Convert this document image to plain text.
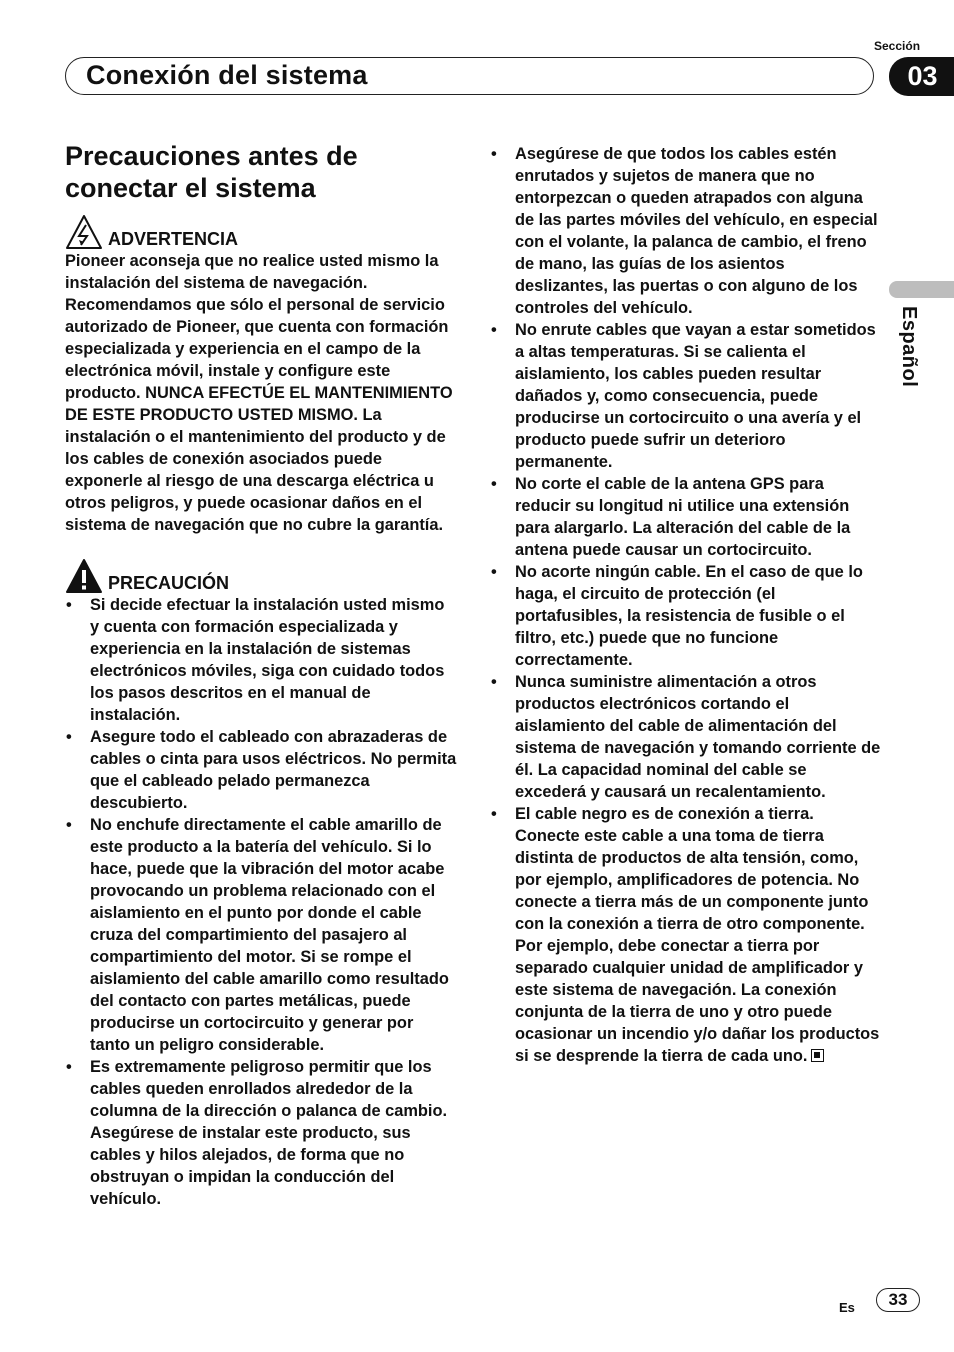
Sección
Conexión del sistema	03
Español
Precauciones antes de conectar el sistema
ADVERTENCIA

Pioneer aconseja que no realice usted mismo la instalación del sistema de navegación. Recomendamos que sólo el personal de servicio autorizado de Pioneer, que cuenta con formación especializada y experiencia en el campo de la electrónica móvil, instale y configure este producto. NUNCA EFECTÚE EL MANTENIMIENTO DE ESTE PRODUCTO USTED MISMO. La instalación o el mantenimiento del producto y de los cables de conexión asociados puede exponerle al riesgo de una descarga eléctrica u otros peligros, y puede ocasionar daños en el sistema de navegación que no cubre la garantía.

PRECAUCIÓN
• Si decide efectuar la instalación usted mismo y cuenta con formación especializada y experiencia en la instalación de sistemas electrónicos móviles, siga con cuidado todos los pasos descritos en el manual de instalación.
• Asegure todo el cableado con abrazaderas de cables o cinta para usos eléctricos. No permita que el cableado pelado permanezca descubierto.
• No enchufe directamente el cable amarillo de este producto a la batería del vehículo. Si lo hace, puede que la vibración del motor acabe provocando un problema relacionado con el aislamiento en el punto por donde el cable cruza del compartimiento del pasajero al compartimiento del motor. Si se rompe el aislamiento del cable amarillo como resultado del contacto con partes metálicas, puede producirse un cortocircuito y generar por tanto un peligro considerable.
• Es extremamente peligroso permitir que los cables queden enrollados alrededor de la columna de la dirección o palanca de cambio. Asegúrese de instalar este producto, sus cables y hilos alejados, de forma que no obstruyan o impidan la conducción del vehículo.
• Asegúrese de que todos los cables estén enrutados y sujetos de manera que no entorpezcan o queden atrapados con alguna de las partes móviles del vehículo, en especial con el volante, la palanca de cambio, el freno de mano, las guías de los asientos deslizantes, las puertas o con alguno de los controles del vehículo.
• No enrute cables que vayan a estar sometidos a altas temperaturas. Si se calienta el aislamiento, los cables pueden resultar dañados y, como consecuencia, puede producirse un cortocircuito o una avería y el producto puede sufrir un deterioro permanente.
• No corte el cable de la antena GPS para reducir su longitud ni utilice una extensión para alargarlo. La alteración del cable de la antena puede causar un cortocircuito.
• No acorte ningún cable. En el caso de que lo haga, el circuito de protección (el portafusibles, la resistencia de fusible o el filtro, etc.) puede que no funcione correctamente.
• Nunca suministre alimentación a otros productos electrónicos cortando el aislamiento del cable de alimentación del sistema de navegación y tomando corriente de él. La capacidad nominal del cable se excederá y causará un recalentamiento.
• El cable negro es de conexión a tierra. Conecte este cable a una toma de tierra distinta de productos de alta tensión, como, por ejemplo, amplificadores de potencia. No conecte a tierra más de un componente junto con la conexión a tierra de otro componente. Por ejemplo, debe conectar a tierra por separado cualquier unidad de amplificador y este sistema de navegación. La conexión conjunta de la tierra de uno y otro puede ocasionar un incendio y/o dañar los productos si se desprende la tierra de cada uno.
Es	33
